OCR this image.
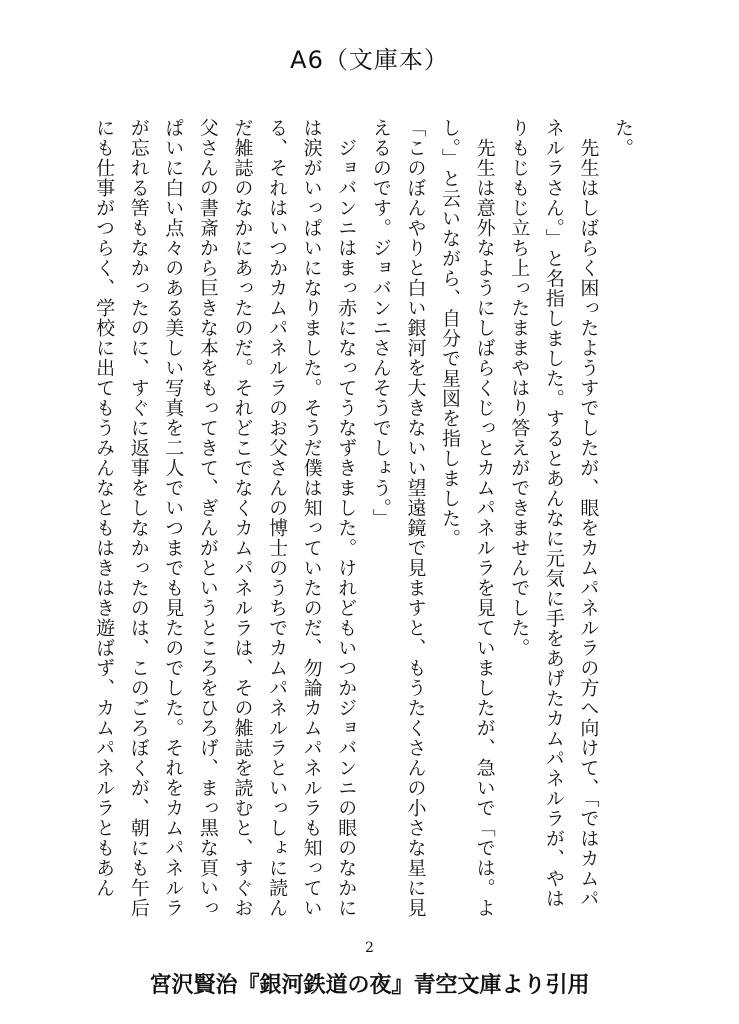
A6（文庫本）

た。

　先生はしばらく困ったようすでしたが、眼をカムパネルラの方へ向けて、「ではカムパ

ネルラさん。」と名指しました。するとあんなに元気に手をあげたカムパネルラが、やは

りもじもじ立ち上ったままやはり答えができませんでした。

　先生は意外なようにしばらくじっとカムパネルラを見ていましたが、急いで「では。よ

し。」と云いながら、自分で星図を指しました。

「このぼんやりと白い銀河を大きないい望遠鏡で見ますと、もうたくさんの小さな星に見

えるのです。ジョバンニさんそうでしょう。」

　ジョバンニはまっ赤になってうなずきました。けれどもいつかジョバンニの眼のなかに

は涙がいっぱいになりました。そうだ僕は知っていたのだ、勿論カムパネルラも知ってい

る、それはいつかカムパネルラのお父さんの博士のうちでカムパネルラといっしょに読ん

だ雑誌のなかにあったのだ。それどこでなくカムパネルラは、その雑誌を読むと、すぐお

父さんの書斎から巨きな本をもってきて、ぎんがというところをひろげ、まっ黒な頁いっ

ぱいに白い点々のある美しい写真を二人でいつまでも見たのでした。それをカムパネルラ

が忘れる筈もなかったのに、すぐに返事をしなかったのは、このごろぼくが、朝にも午后

にも仕事がつらく、学校に出てもうみんなともはきはき遊ばず、カムパネルラともあん

2
宮沢賢治『銀河鉄道の夜』青空文庫より引用
